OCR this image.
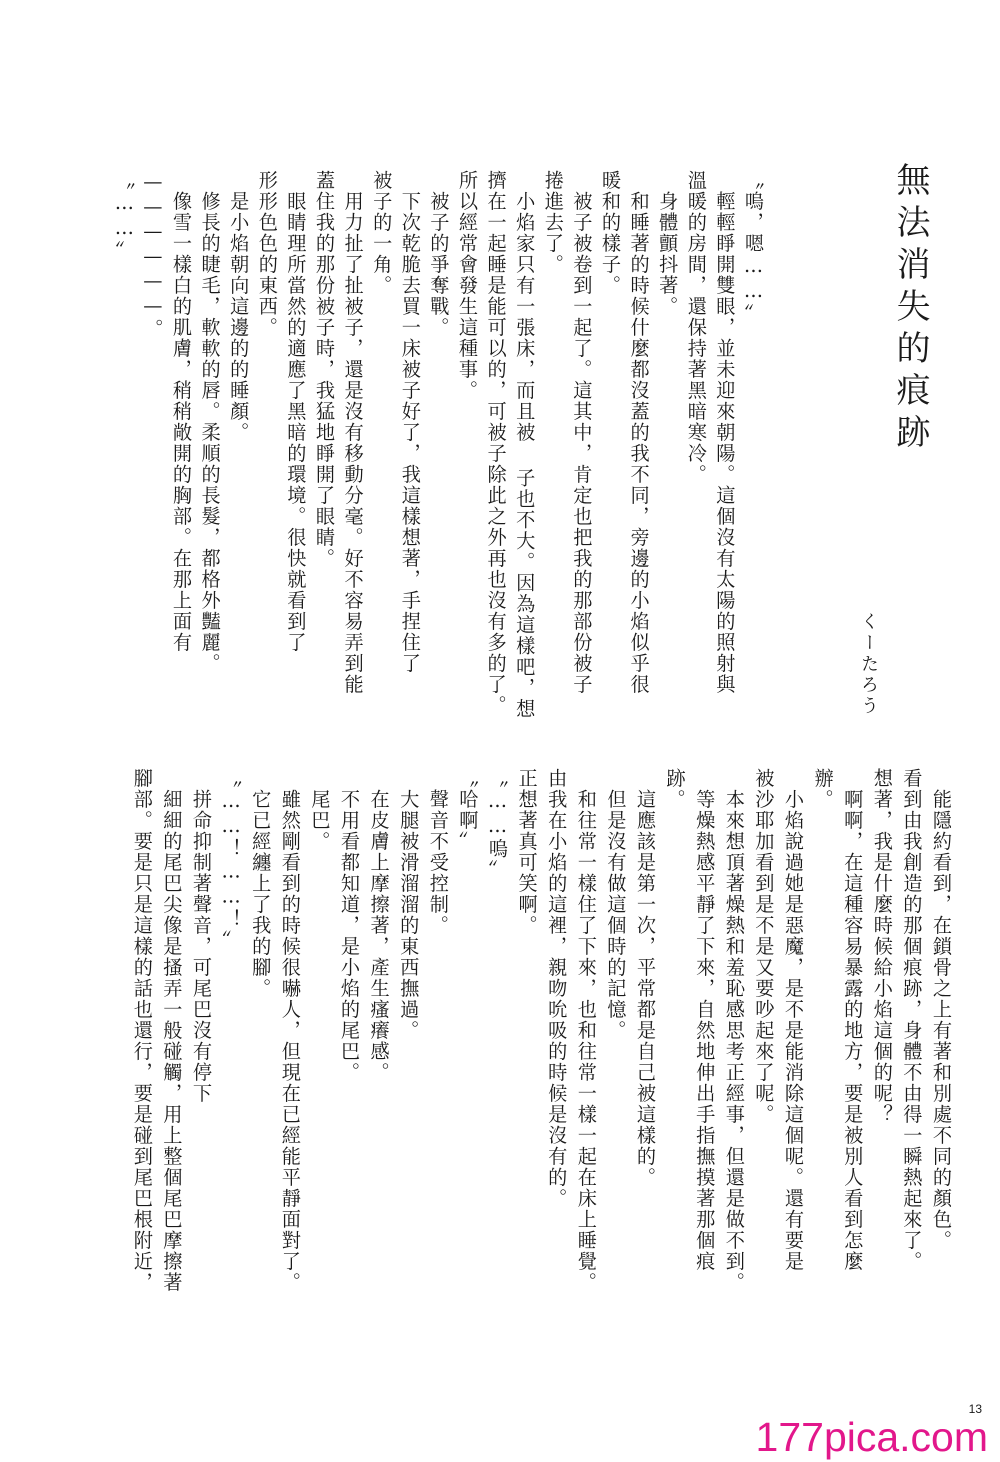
無法消失的痕跡
くーたろう
〝嗚，嗯……〞
　輕輕睜開雙眼，並未迎來朝陽。這個沒有太陽的照射與
溫暖的房間，還保持著黑暗寒冷。
　身體顫抖著。
　和睡著的時候什麼都沒蓋的我不同，旁邊的小焰似乎很
暖和的樣子。
　被子被卷到一起了。這其中，肯定也把我的那部份被子
捲進去了。
　小焰家只有一張床，而且被 子也不大。因為這樣吧，想
擠在一起睡是能可以的，可被子除此之外再也沒有多的了。
所以經常會發生這種事。
　被子的爭奪戰。
　下次乾脆去買一床被子好了，我這樣想著，手捏住了
被子的一角。
　用力扯了扯被子，還是沒有移動分毫。好不容易弄到能
蓋住我的那份被子時，我猛地睜開了眼睛。
　眼睛理所當然的適應了黑暗的環境。很快就看到了
形形色色的東西。
　是小焰朝向這邊的的睡顏。
　修長的睫毛，軟軟的唇。柔順的長髮，都格外豔麗。
　像雪一樣白的肌膚，稍稍敞開的胸部。在那上面有
——————。
〝……〞
　能隱約看到，在鎖骨之上有著和別處不同的顏色。
看到由我創造的那個痕跡，身體不由得一瞬熱起來了。
想著，我是什麼時候給小焰這個的呢？
　啊啊，在這種容易暴露的地方，要是被別人看到怎麼
辦。
　小焰說過她是惡魔，是不是能消除這個呢。還有要是
被沙耶加看到是不是又要吵起來了呢。
　本來想頂著燥熱和羞恥感思考正經事，但還是做不到。
　等燥熱感平靜了下來，自然地伸出手指撫摸著那個痕
跡。
　這應該是第一次，平常都是自己被這樣的。
　但是沒有做這個時的記憶。
　和往常一樣住了下來，也和往常一樣一起在床上睡覺。
由我在小焰的這裡，親吻吮吸的時候是沒有的。
正想著真可笑啊。
〝……嗚〞
〝哈啊〞
　聲音不受控制。
　大腿被滑溜溜的東西撫過。
　在皮膚上摩擦著，產生瘙癢感。
　不用看都知道，是小焰的尾巴。
　尾巴。
　雖然剛看到的時候很嚇人，但現在已經能平靜面對了。
　它已經纏上了我的腳。
〝……！……！〞
　拼命抑制著聲音，可尾巴沒有停下
　細細的尾巴尖像是搔弄一般碰觸，用上整個尾巴摩擦著
腳部。要是只是這樣的話也還行，要是碰到尾巴根附近，
13
177pica.com
